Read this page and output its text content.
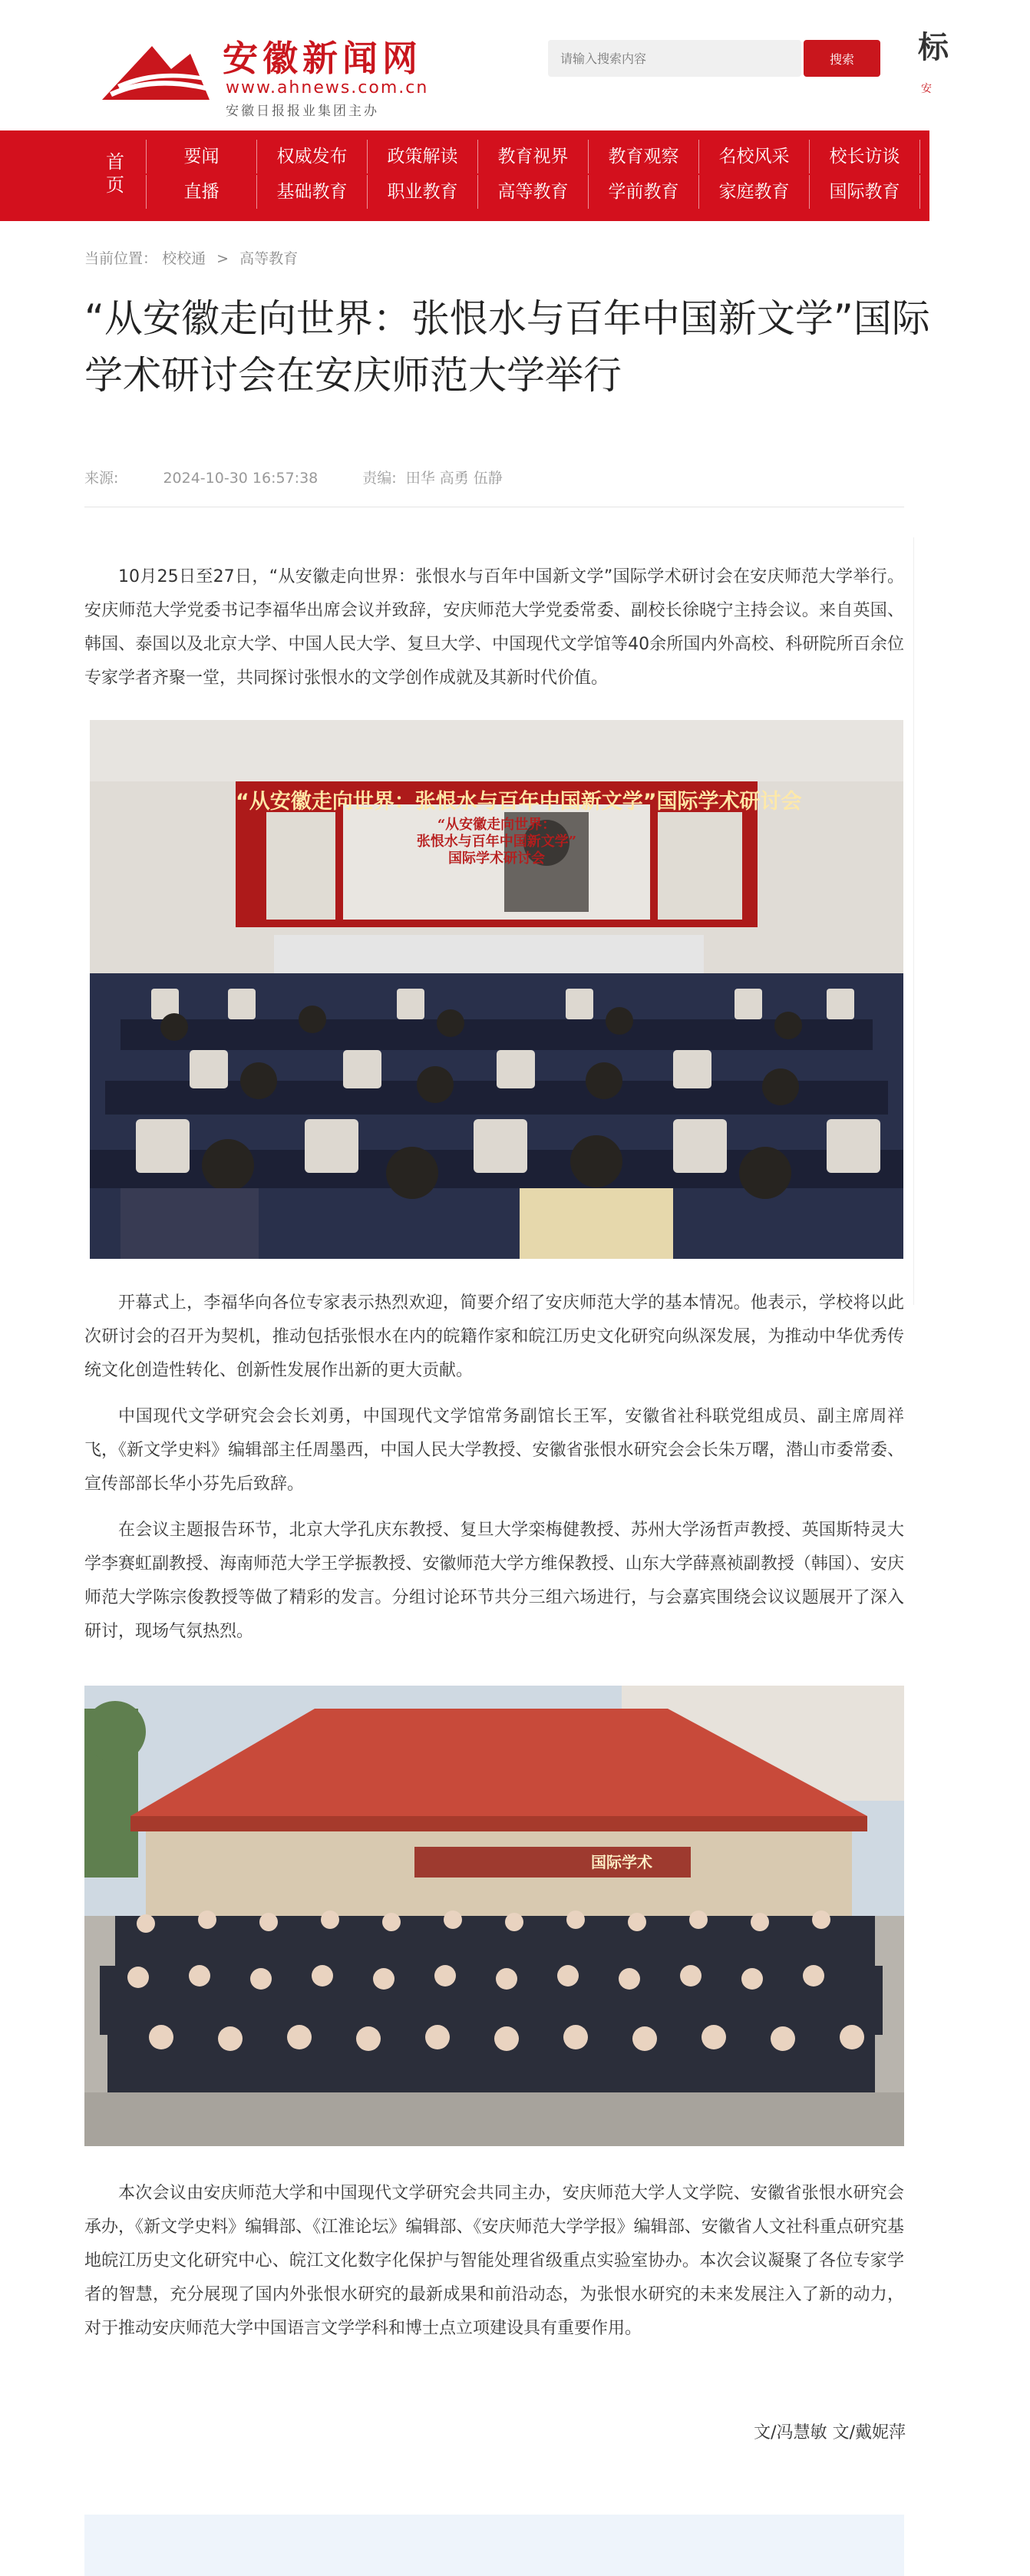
安徽新闻网
www.ahnews.com.cn
安徽日报报业集团主办
请输入搜索内容
搜索	标
安
首页
要闻	权威发布	政策解读	教育视界	教育观察	名校风采	校长访谈	名
直播	基础教育	职业教育	高等教育	学前教育	家庭教育	国际教育	校
当前位置： 校校通 > 高等教育
“从安徽走向世界：张恨水与百年中国新文学”国际学术研讨会在安庆师范大学举行
来源:	2024-10-30 16:57:38	责编: 田华 高勇 伍静

10月25日至27日，“从安徽走向世界：张恨水与百年中国新文学”国际学术研讨会在安庆师范大学举行。安庆师范大学党委书记李福华出席会议并致辞，安庆师范大学党委常委、副校长徐晓宁主持会议。来自英国、韩国、泰国以及北京大学、中国人民大学、复旦大学、中国现代文学馆等40余所国内外高校、科研院所百余位专家学者齐聚一堂，共同探讨张恨水的文学创作成就及其新时代价值。

“从安徽走向世界：张恨水与百年中国新文学”国际学术研讨会
“从安徽走向世界：
张恨水与百年中国新文学”
国际学术研讨会

开幕式上，李福华向各位专家表示热烈欢迎，简要介绍了安庆师范大学的基本情况。他表示，学校将以此次研讨会的召开为契机，推动包括张恨水在内的皖籍作家和皖江历史文化研究向纵深发展，为推动中华优秀传统文化创造性转化、创新性发展作出新的更大贡献。

中国现代文学研究会会长刘勇，中国现代文学馆常务副馆长王军，安徽省社科联党组成员、副主席周祥飞，《新文学史料》编辑部主任周墨西，中国人民大学教授、安徽省张恨水研究会会长朱万曙，潜山市委常委、宣传部部长华小芬先后致辞。

在会议主题报告环节，北京大学孔庆东教授、复旦大学栾梅健教授、苏州大学汤哲声教授、英国斯特灵大学李赛虹副教授、海南师范大学王学振教授、安徽师范大学方维保教授、山东大学薛熹祯副教授（韩国）、安庆师范大学陈宗俊教授等做了精彩的发言。分组讨论环节共分三组六场进行，与会嘉宾围绕会议议题展开了深入研讨，现场气氛热烈。

国际学术

本次会议由安庆师范大学和中国现代文学研究会共同主办，安庆师范大学人文学院、安徽省张恨水研究会承办，《新文学史料》编辑部、《江淮论坛》编辑部、《安庆师范大学学报》编辑部、安徽省人文社科重点研究基地皖江历史文化研究中心、皖江文化数字化保护与智能处理省级重点实验室协办。本次会议凝聚了各位专家学者的智慧，充分展现了国内外张恨水研究的最新成果和前沿动态，为张恨水研究的未来发展注入了新的动力，对于推动安庆师范大学中国语言文学学科和博士点立项建设具有重要作用。

文/冯慧敏 文/戴妮萍
